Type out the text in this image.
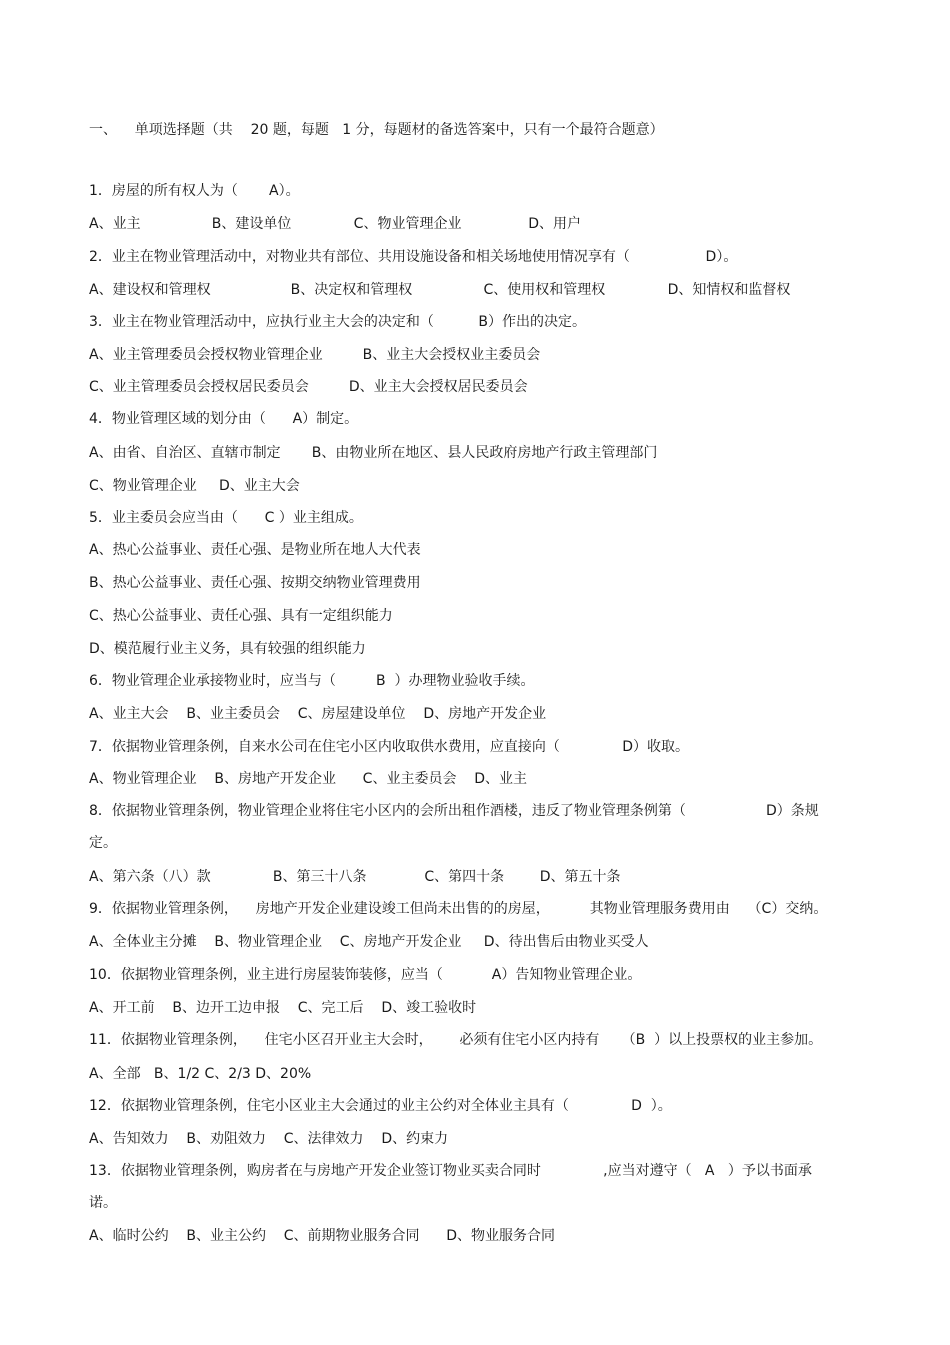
一、    单项选择题（共    20 题，每题   1 分，每题材的备选答案中，只有一个最符合题意）
1．房屋的所有权人为（       A）。
A、业主                B、建设单位              C、物业管理企业               D、用户
2．业主在物业管理活动中，对物业共有部位、共用设施设备和相关场地使用情况享有（                 D）。
A、建设权和管理权                  B、决定权和管理权                C、使用权和管理权              D、知情权和监督权
3．业主在物业管理活动中，应执行业主大会的决定和（          B）作出的决定。
A、业主管理委员会授权物业管理企业         B、业主大会授权业主委员会
C、业主管理委员会授权居民委员会         D、业主大会授权居民委员会
4．物业管理区域的划分由（      A）制定。
A、由省、自治区、直辖市制定       B、由物业所在地区、县人民政府房地产行政主管理部门
C、物业管理企业     D、业主大会
5．业主委员会应当由（      C ）业主组成。
A、热心公益事业、责任心强、是物业所在地人大代表
B、热心公益事业、责任心强、按期交纳物业管理费用
C、热心公益事业、责任心强、具有一定组织能力
D、模范履行业主义务，具有较强的组织能力
6．物业管理企业承接物业时，应当与（         B  ）办理物业验收手续。
A、业主大会    B、业主委员会    C、房屋建设单位    D、房地产开发企业
7．依据物业管理条例，自来水公司在住宅小区内收取供水费用，应直接向（              D）收取。
A、物业管理企业    B、房地产开发企业      C、业主委员会    D、业主
8．依据物业管理条例，物业管理企业将住宅小区内的会所出租作酒楼，违反了物业管理条例第（                  D）条规
定。
A、第六条（八）款              B、第三十八条             C、第四十条        D、第五十条
9．依据物业管理条例，    房地产开发企业建设竣工但尚未出售的的房屋，         其物业管理服务费用由    （C）交纳。
A、全体业主分摊    B、物业管理企业    C、房地产开发企业     D、待出售后由物业买受人
10．依据物业管理条例，业主进行房屋装饰装修，应当（           A）告知物业管理企业。
A、开工前    B、边开工边申报    C、完工后    D、竣工验收时
11．依据物业管理条例，    住宅小区召开业主大会时，      必须有住宅小区内持有     （B  ）以上投票权的业主参加。
A、全部   B、1/2 C、2/3 D、20%
12．依据物业管理条例，住宅小区业主大会通过的业主公约对全体业主具有（              D  ）。
A、告知效力    B、劝阻效力    C、法律效力    D、约束力
13．依据物业管理条例，购房者在与房地产开发企业签订物业买卖合同时              ,应当对遵守（   A   ）予以书面承
诺。
A、临时公约    B、业主公约    C、前期物业服务合同      D、物业服务合同
